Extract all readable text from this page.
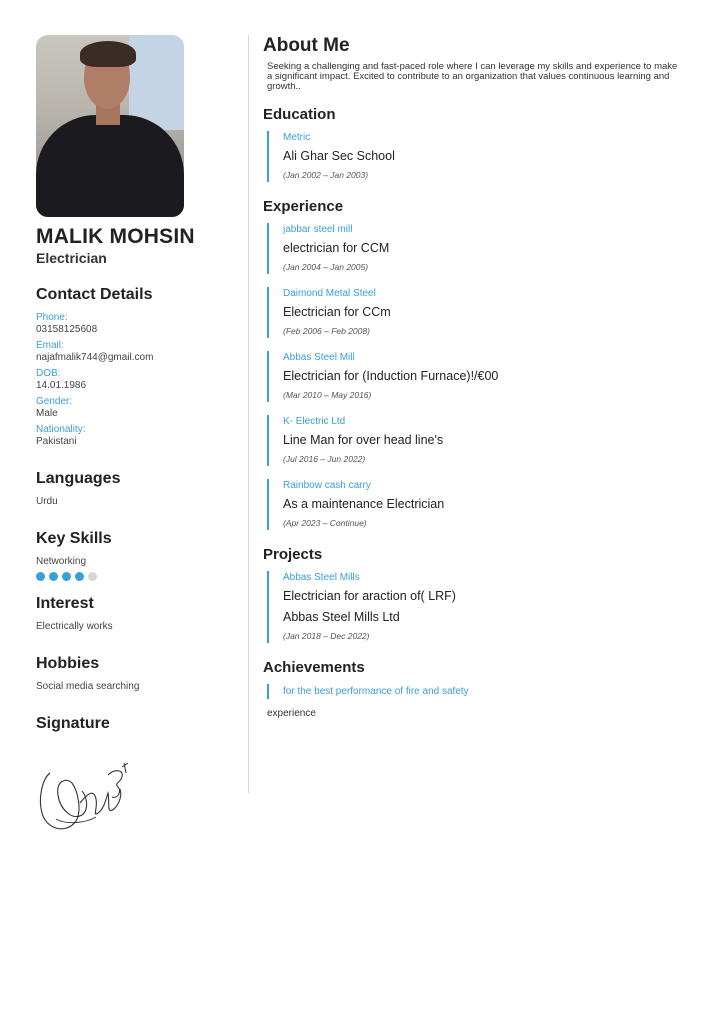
MALIK MOHSIN
Electrician
Contact Details
Phone:
03158125608
Email:
najafmalik744@gmail.com
DOB:
14.01.1986
Gender:
Male
Nationality:
Pakistani
Languages
Urdu
Key Skills
Networking
Interest
Electrically works
Hobbies
Social media searching
Signature
About Me
Seeking a challenging and fast-paced role where I can leverage my skills and experience to make a significant impact. Excited to contribute to an organization that values continuous learning and growth..
Education
Metric
Ali Ghar Sec School
(Jan 2002 – Jan 2003)
Experience
jabbar steel mill
electrician for CCM
(Jan 2004 – Jan 2005)
Daimond Metal Steel
Electrician for CCm
(Feb 2006 – Feb 2008)
Abbas Steel Mill
Electrician for (Induction Furnace)!/€00
(Mar 2010 – May 2016)
K- Electric Ltd
Line Man for over head line's
(Jul 2016 – Jun 2022)
Rainbow cash carry
As a maintenance Electrician
(Apr 2023 – Continue)
Projects
Abbas Steel Mills
Electrician for araction of( LRF)
Abbas Steel Mills Ltd
(Jan 2018 – Dec 2022)
Achievements
for the best performance of fire and safety
experience
